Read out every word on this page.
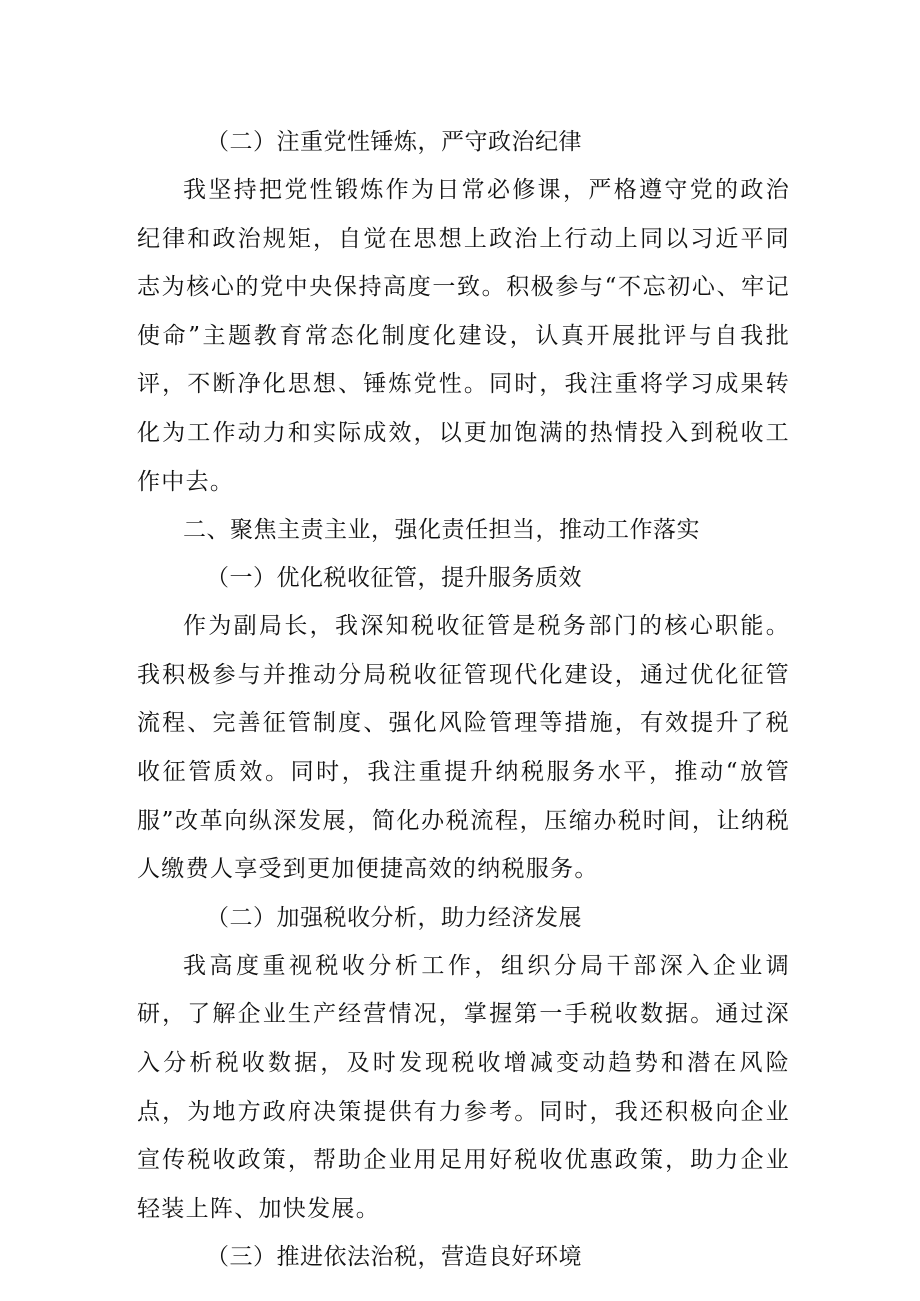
（二）注重党性锤炼，严守政治纪律

我坚持把党性锻炼作为日常必修课，严格遵守党的政治纪律和政治规矩，自觉在思想上政治上行动上同以习近平同志为核心的党中央保持高度一致。积极参与“不忘初心、牢记使命”主题教育常态化制度化建设，认真开展批评与自我批评，不断净化思想、锤炼党性。同时，我注重将学习成果转化为工作动力和实际成效，以更加饱满的热情投入到税收工作中去。

二、聚焦主责主业，强化责任担当，推动工作落实
（一）优化税收征管，提升服务质效

作为副局长，我深知税收征管是税务部门的核心职能。我积极参与并推动分局税收征管现代化建设，通过优化征管流程、完善征管制度、强化风险管理等措施，有效提升了税收征管质效。同时，我注重提升纳税服务水平，推动“放管服”改革向纵深发展，简化办税流程，压缩办税时间，让纳税人缴费人享受到更加便捷高效的纳税服务。

（二）加强税收分析，助力经济发展

我高度重视税收分析工作，组织分局干部深入企业调研，了解企业生产经营情况，掌握第一手税收数据。通过深入分析税收数据，及时发现税收增减变动趋势和潜在风险点，为地方政府决策提供有力参考。同时，我还积极向企业宣传税收政策，帮助企业用足用好税收优惠政策，助力企业轻装上阵、加快发展。

（三）推进依法治税，营造良好环境
